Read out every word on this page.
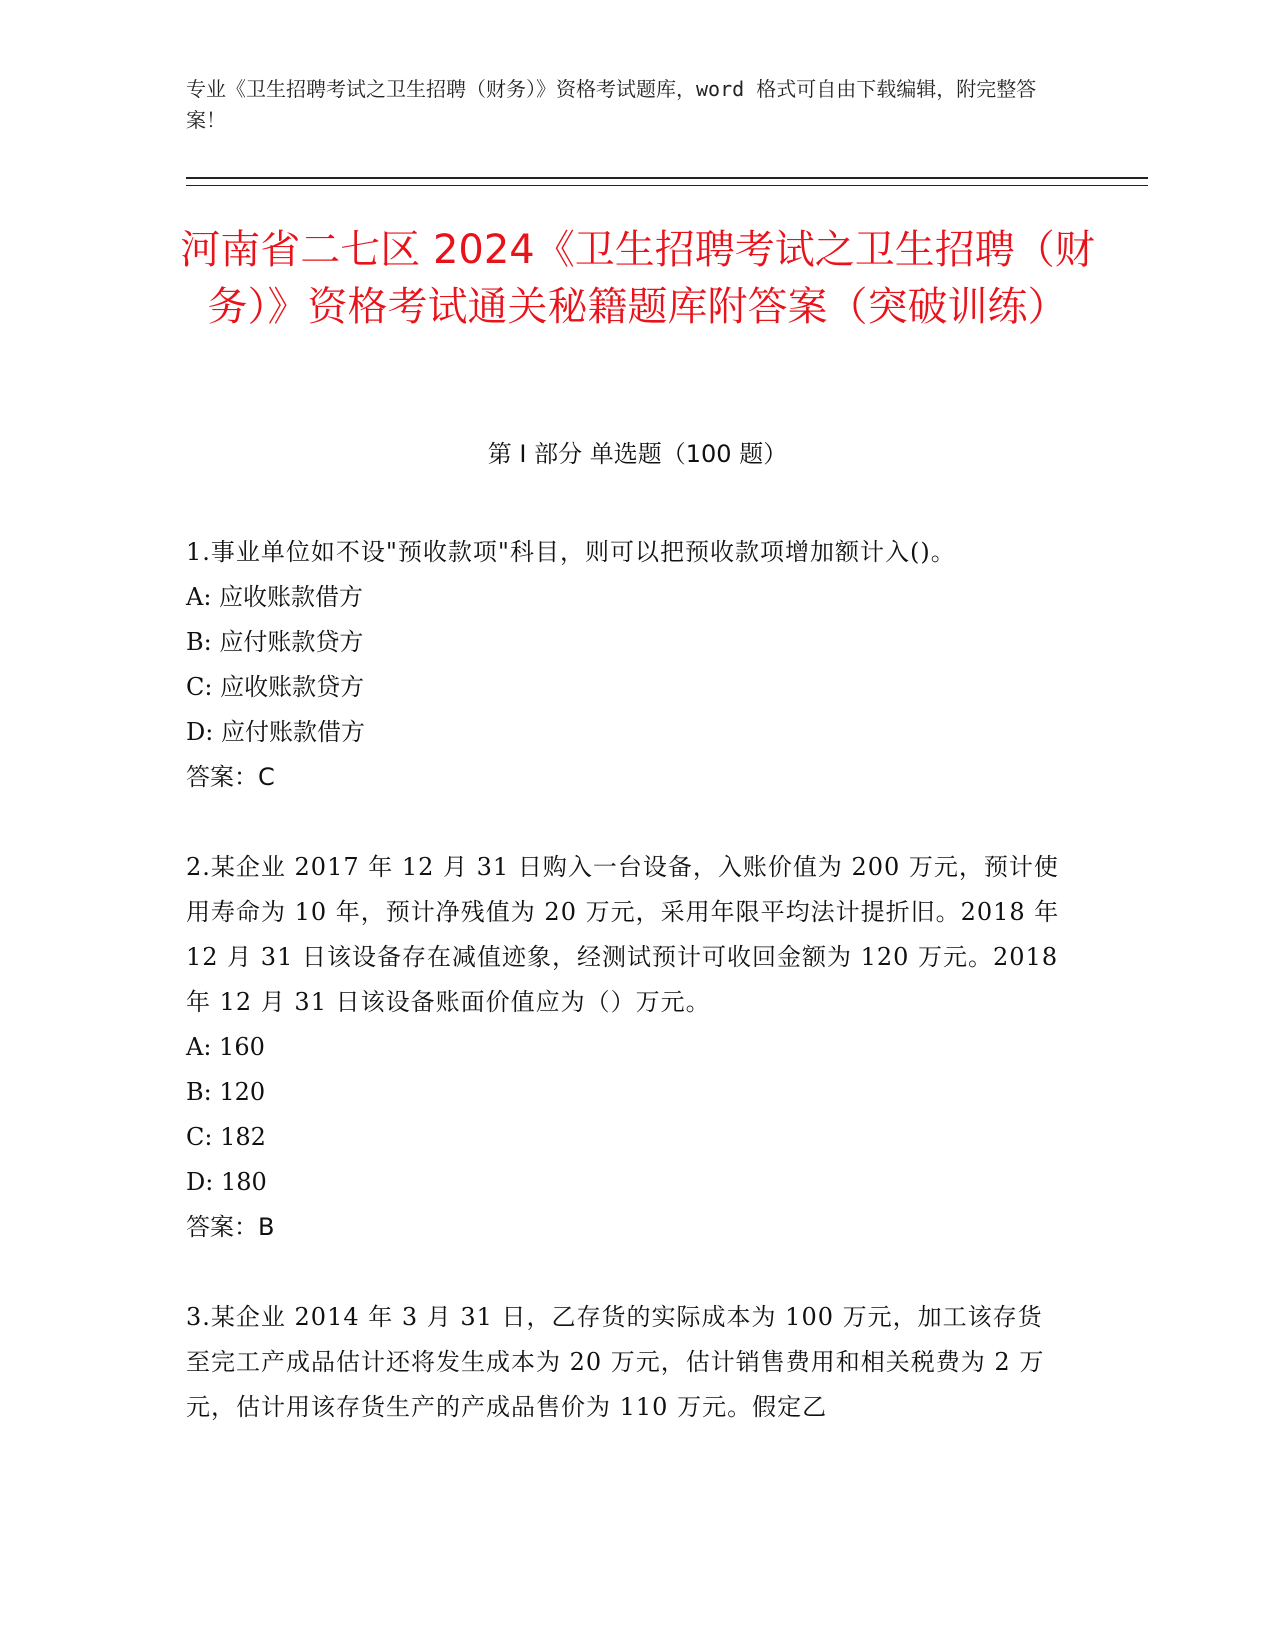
专业《卫生招聘考试之卫生招聘（财务）》资格考试题库，word 格式可自由下载编辑，附完整答案！
河南省二七区 2024《卫生招聘考试之卫生招聘（财务）》资格考试通关秘籍题库附答案（突破训练）
第 I 部分 单选题（100 题）
1.事业单位如不设"预收款项"科目，则可以把预收款项增加额计入()。
A: 应收账款借方
B: 应付账款贷方
C: 应收账款贷方
D: 应付账款借方
答案：C
2.某企业 2017 年 12 月 31 日购入一台设备，入账价值为 200 万元，预计使用寿命为 10 年，预计净残值为 20 万元，采用年限平均法计提折旧。2018 年 12 月 31 日该设备存在减值迹象，经测试预计可收回金额为 120 万元。2018 年 12 月 31 日该设备账面价值应为（）万元。
A: 160
B: 120
C: 182
D: 180
答案：B
3.某企业 2014 年 3 月 31 日，乙存货的实际成本为 100 万元，加工该存货至完工产成品估计还将发生成本为 20 万元，估计销售费用和相关税费为 2 万元，估计用该存货生产的产成品售价为 110 万元。假定乙
